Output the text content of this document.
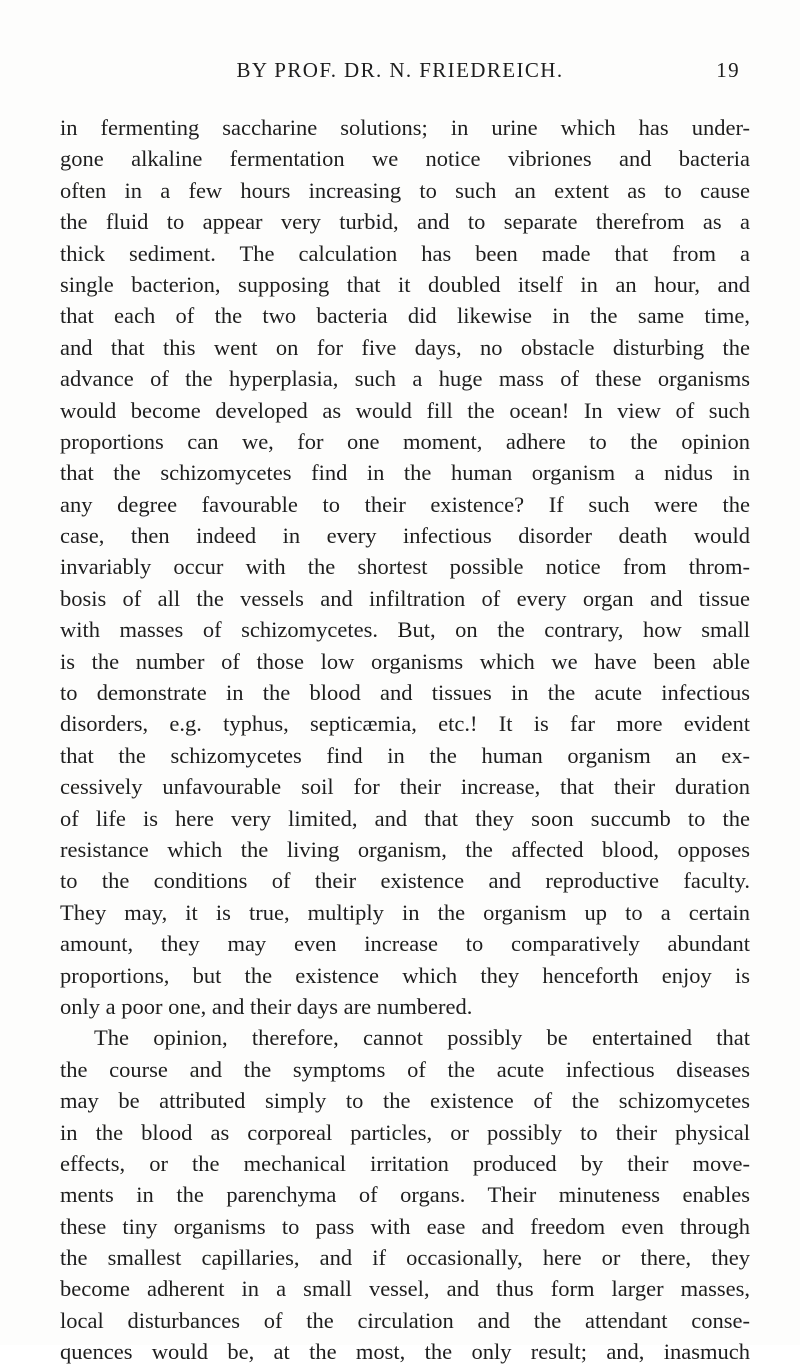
BY PROF. DR. N. FRIEDREICH.	19
in fermenting saccharine solutions; in urine which has under-
gone alkaline fermentation we notice vibriones and bacteria
often in a few hours increasing to such an extent as to cause
the fluid to appear very turbid, and to separate therefrom as a
thick sediment. The calculation has been made that from a
single bacterion, supposing that it doubled itself in an hour, and
that each of the two bacteria did likewise in the same time,
and that this went on for five days, no obstacle disturbing the
advance of the hyperplasia, such a huge mass of these organisms
would become developed as would fill the ocean! In view of such
proportions can we, for one moment, adhere to the opinion
that the schizomycetes find in the human organism a nidus in
any degree favourable to their existence? If such were the
case, then indeed in every infectious disorder death would
invariably occur with the shortest possible notice from throm-
bosis of all the vessels and infiltration of every organ and tissue
with masses of schizomycetes. But, on the contrary, how small
is the number of those low organisms which we have been able
to demonstrate in the blood and tissues in the acute infectious
disorders, e.g. typhus, septicæmia, etc.! It is far more evident
that the schizomycetes find in the human organism an ex-
cessively unfavourable soil for their increase, that their duration
of life is here very limited, and that they soon succumb to the
resistance which the living organism, the affected blood, opposes
to the conditions of their existence and reproductive faculty.
They may, it is true, multiply in the organism up to a certain
amount, they may even increase to comparatively abundant
proportions, but the existence which they henceforth enjoy is
only a poor one, and their days are numbered.
The opinion, therefore, cannot possibly be entertained that
the course and the symptoms of the acute infectious diseases
may be attributed simply to the existence of the schizomycetes
in the blood as corporeal particles, or possibly to their physical
effects, or the mechanical irritation produced by their move-
ments in the parenchyma of organs. Their minuteness enables
these tiny organisms to pass with ease and freedom even through
the smallest capillaries, and if occasionally, here or there, they
become adherent in a small vessel, and thus form larger masses,
local disturbances of the circulation and the attendant conse-
quences would be, at the most, the only result; and, inasmuch
